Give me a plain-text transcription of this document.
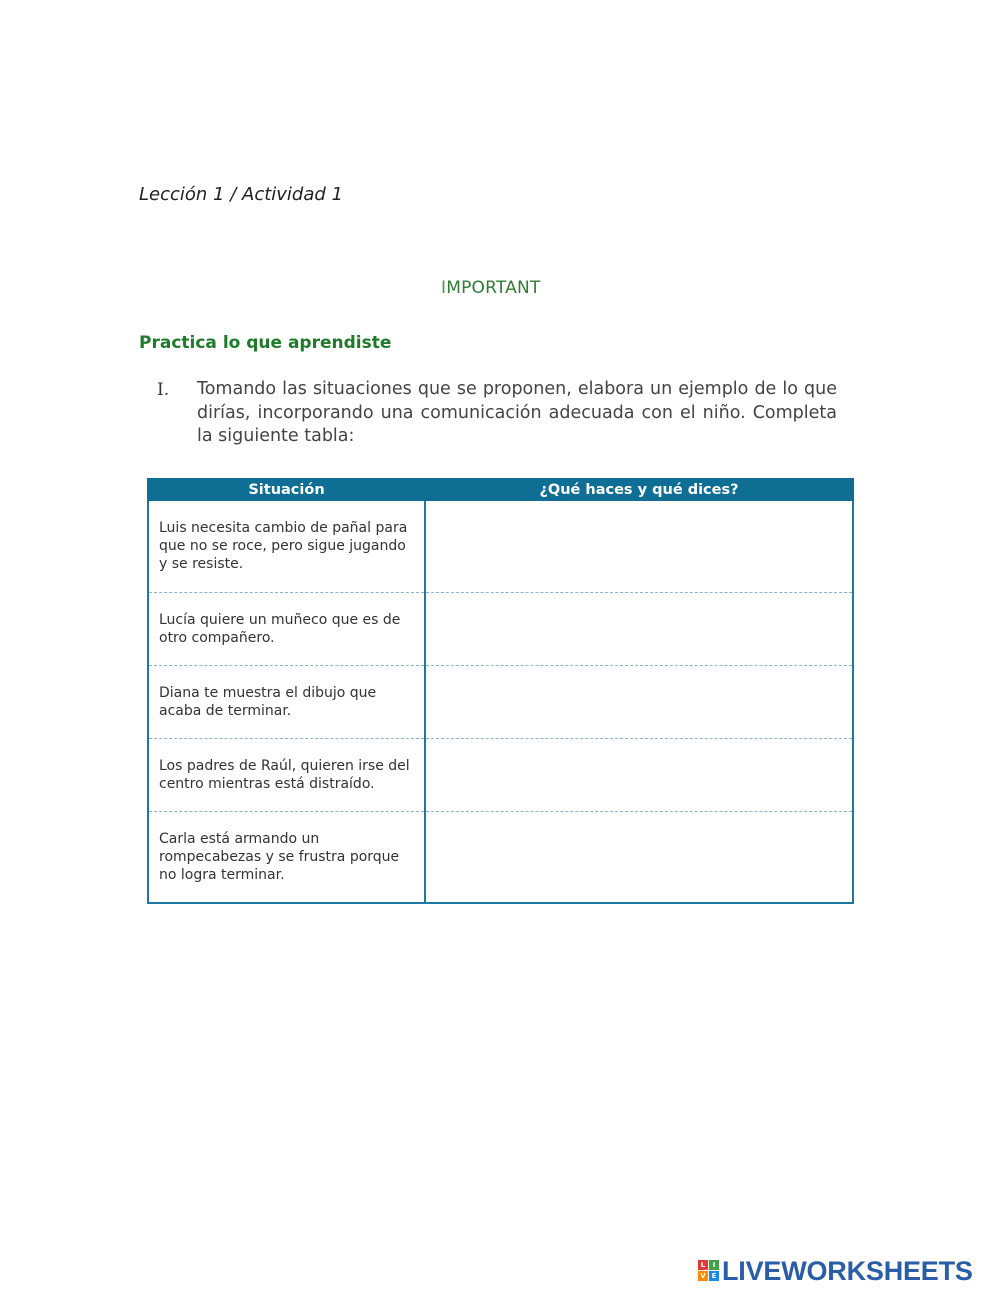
Lección 1 / Actividad 1
IMPORTANT
Practica lo que aprendiste
I. Tomando las situaciones que se proponen, elabora un ejemplo de lo que dirías, incorporando una comunicación adecuada con el niño. Completa la siguiente tabla:
Situación	¿Qué haces y qué dices?

Luis necesita cambio de pañal para que no se roce, pero sigue jugando y se resiste.	

Lucía quiere un muñeco que es de otro compañero.	

Diana te muestra el dibujo que acaba de terminar.	

Los padres de Raúl, quieren irse del centro mientras está distraído.	

Carla está armando un rompecabezas y se frustra porque no logra terminar.	

L	I
V E LIVEWORKSHEETS
